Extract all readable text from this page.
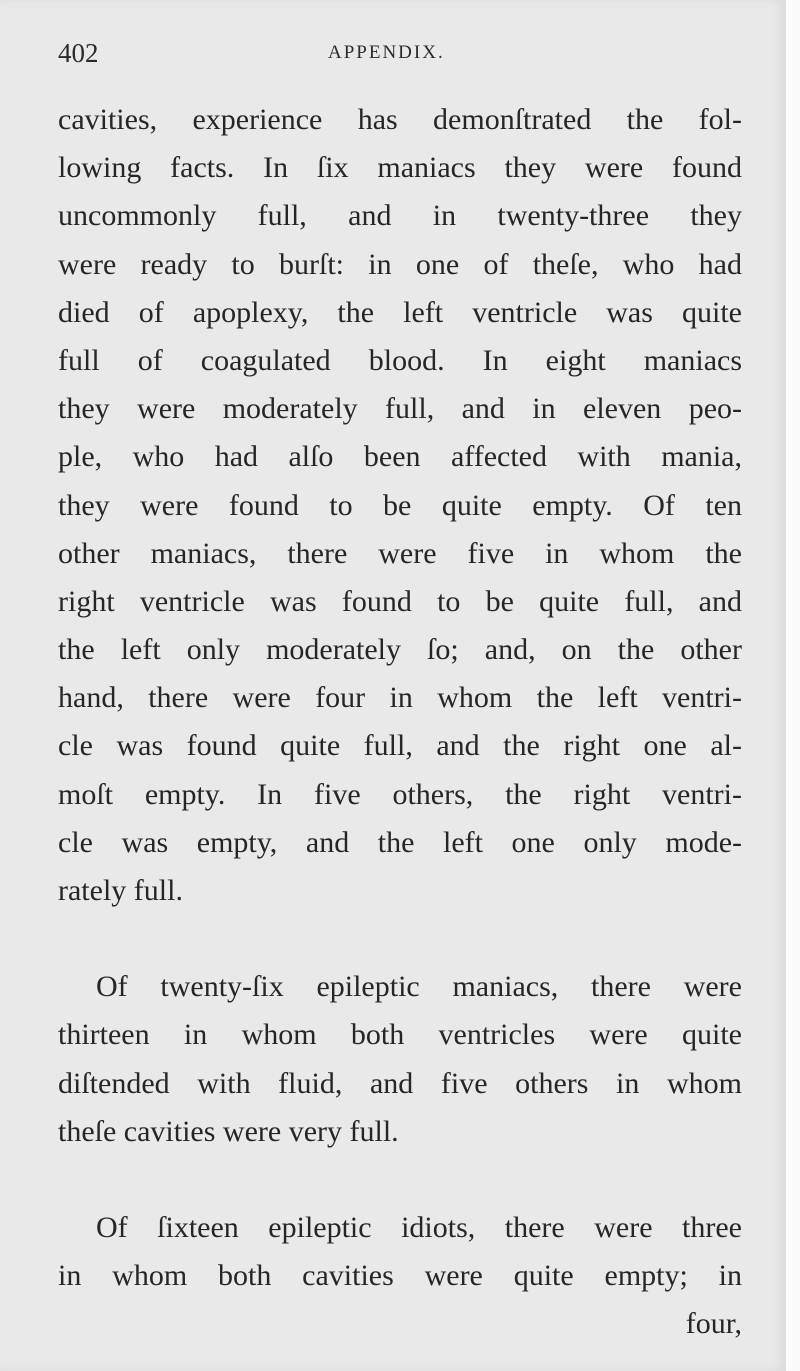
402	APPENDIX.
cavities, experience has demonſtrated the fol-
lowing facts. In ſix maniacs they were found
uncommonly full, and in twenty-three they
were ready to burſt: in one of theſe, who had
died of apoplexy, the left ventricle was quite
full of coagulated blood. In eight maniacs
they were moderately full, and in eleven peo-
ple, who had alſo been affected with mania,
they were found to be quite empty. Of ten
other maniacs, there were five in whom the
right ventricle was found to be quite full, and
the left only moderately ſo; and, on the other
hand, there were four in whom the left ventri-
cle was found quite full, and the right one al-
moſt empty. In five others, the right ventri-
cle was empty, and the left one only mode-
rately full.
Of twenty-ſix epileptic maniacs, there were
thirteen in whom both ventricles were quite
diſtended with fluid, and five others in whom
theſe cavities were very full.
Of ſixteen epileptic idiots, there were three
in whom both cavities were quite empty; in
four,
